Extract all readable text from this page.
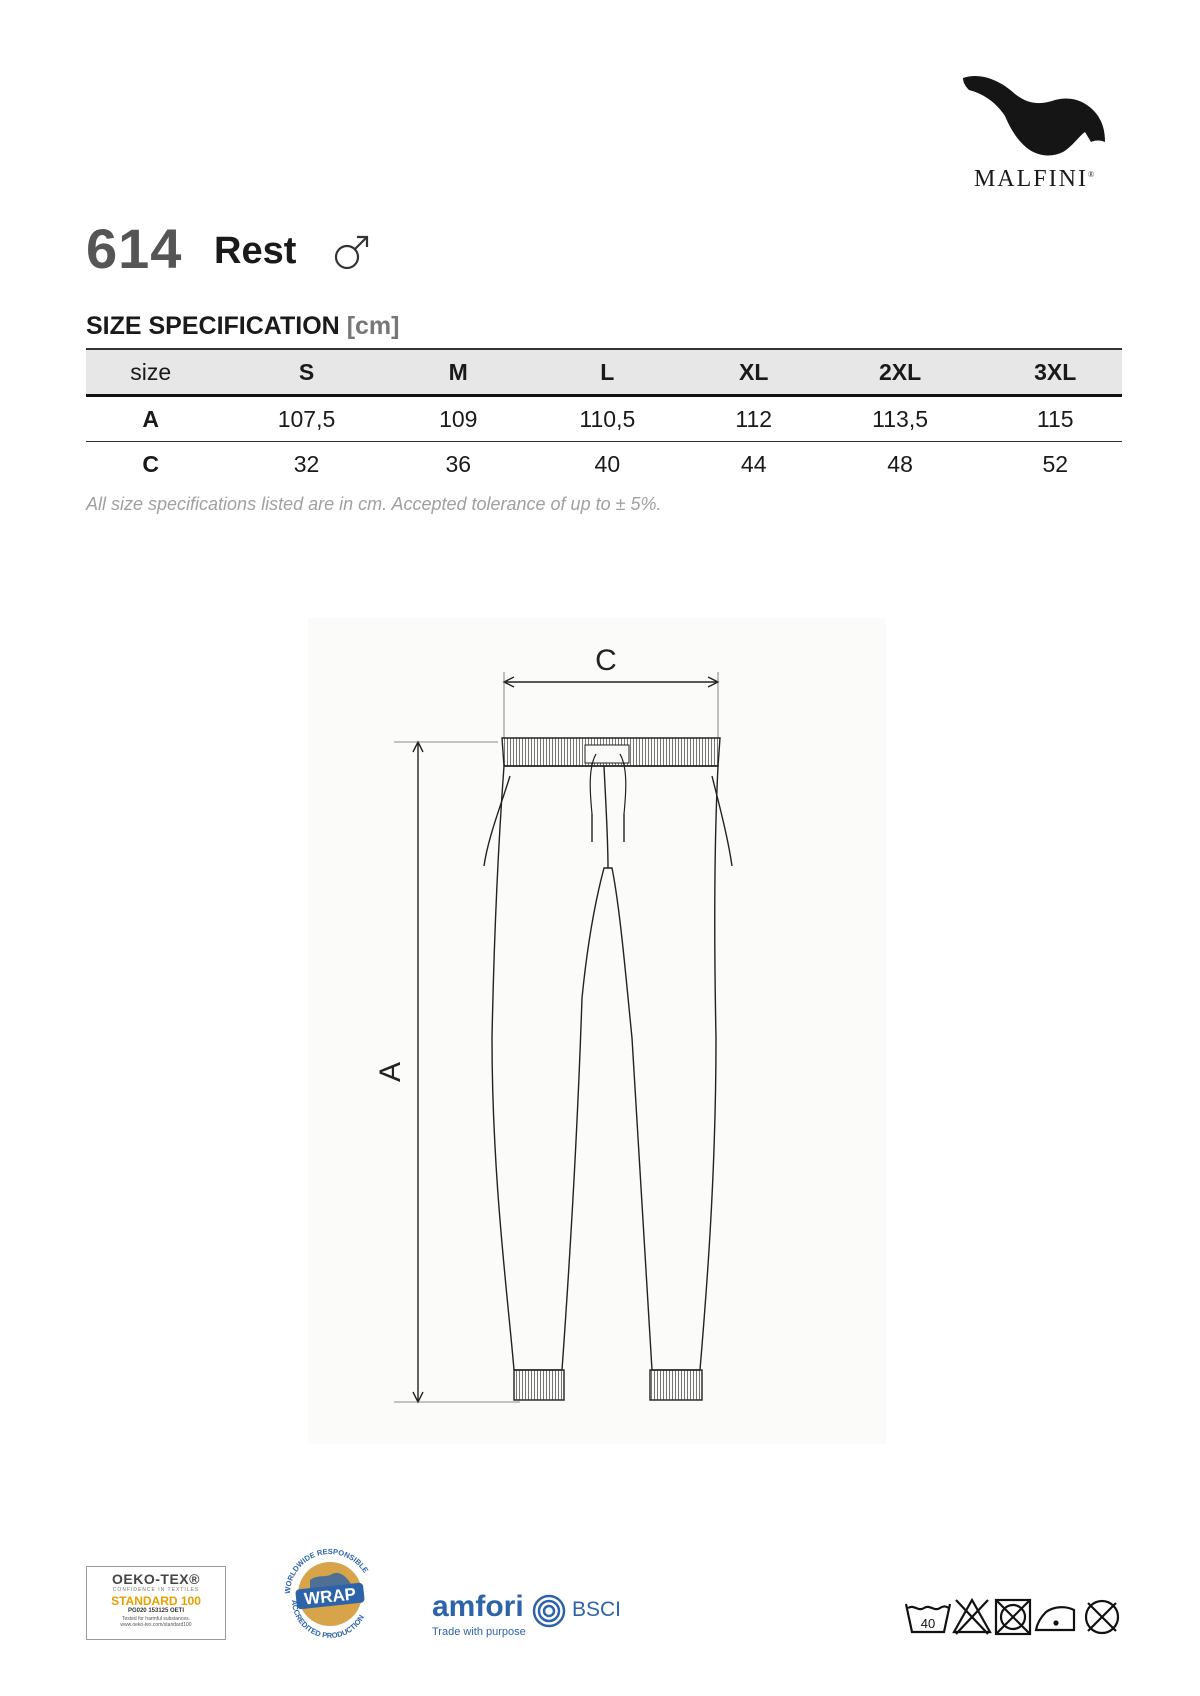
MALFINI®
614 Rest
SIZE SPECIFICATION [cm]
size	S	M	L	XL	2XL	3XL
A	107,5	109	110,5	112	113,5	115
C	32	36	40	44	48	52
All size specifications listed are in cm. Accepted tolerance of up to ± 5%.
C
A
OEKO-TEX®
CONFIDENCE IN TEXTILES
STANDARD 100
PG020 153125 OETI
Tested for harmful substances.
www.oeko-tex.com/standard100
WRAP
WORLDWIDE RESPONSIBLE
ACCREDITED PRODUCTION amfori BSCI
Trade with purpose
40
